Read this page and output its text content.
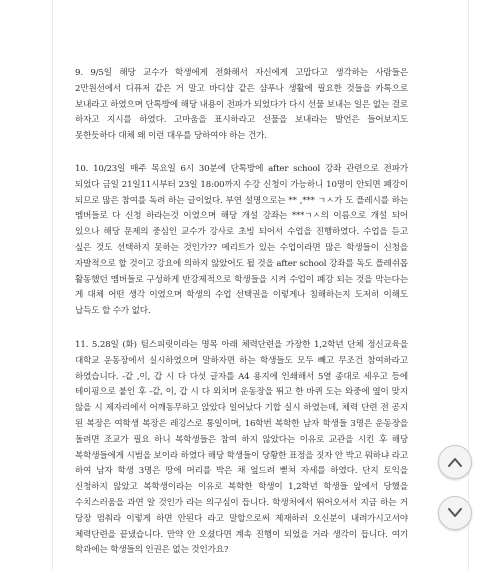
9. 9/5일 해당 교수가 학생에게 전화해서 자신에게 고맙다고 생각하는 사람들은 2만원선에서 디퓨저 같은 거 말고 바디샵 같은 샴푸나 생활에 필요한 것들을 카톡으로 보내라고 하였으며 단톡방에 해당 내용이 전파가 되었다가 다시 선물 보내는 일은 없는 걸로 하자고 지시를 하였다. 고마움을 표시하라고 선물을 보내라는 발언은 들어보지도 못한듯하다 대체 왜 이런 대우를 당하여야 하는 건가.

10. 10/23일 매주 목요일 6시 30분에 단톡방에 after school 강좌 관련으로 전파가 되었다 금일 21일11시부터 23일 18:00까지 수강 신청이 가능하니 10명이 안되면 폐강이 되므로 많은 참여를 독려 하는 글이었다. 부연 설명으로는 ** ,*** ㄱㅅ가 도 플레시를 하는 멤버들로 다 신청 하라는것 이였으며 해당 개설 강좌는 ***ㄱㅅ의 이름으로 개설 되어 있으나 해당 문제의 중심인 교수가 강사로 초빙 되어서 수업을 진행하였다. 수업을 듣고 싶은 것도 선택하지 못하는 것인가?? 메리트가 있는 수업이라면 많은 학생들이 신청을 자발적으로 할 것이고 강요에 의하지 않았어도 될 것을 after school 강좌를 독도 플레쉬몹 활동했던 멤버들로 구성하게 반강제적으로 학생들을 시켜 수업이 폐강 되는 것을 막는다는 게 대체 어떤 생각 이였으며 학생의 수업 선택권을 이렇게나 침해하는지 도저히 이해도 납득도 할 수가 없다.

11. 5.28일 (화) 팀스피릿이라는 명목 아래 체력단련을 가장한 1,2학년 단체 정신교육을 대학교 운동장에서 실시하였으며 말하자면 하는 학생들도 모두 빼고 무조건 참여하라고 하였습니다. -같 ,이, 갑 시 다 다섯 글자를 A4 용지에 인쇄해서 5열 종대로 세우고 등에 테이핑으로 붙인 후 -같, 이, 갑 시 다 외치며 운동장을 뛰고 한 바퀴 도는 와중에 옆이 맞지 않을 시 제자리에서 어깨동무하고 앉았다 일어났다 기합 실시 하였는데, 체력 단련 전 공지 된 복장은 여학생 복장은 레깅스로 통일이며, 16학번 복학한 남자 학생들 3명은 운동장을 돌려면 조교가 필요 하니 복학생들은 참여 하지 않았다는 이유로 교관을 시킨 후 해당 복학생들에게 시범을 보이라 하였다 해당 학생들이 당황한 표정을 짓자 안 박고 뭐하냐 라고 하여 남자 학생 3명은 땅에 머리를 박은 채 엎드려 뻗쳐 자세를 하였다. 단지 토익을 신청하지 않았고 복학생이라는 이유로 복학한 학생이 1,2학년 학생들 앞에서 당했을 수치스러움을 과연 알 것인가 라는 의구심이 듭니다. 학생처에서 뛰어오셔서 지금 하는 거 당장 멈춰라 이렇게 하면 안된다 라고 말할으로써 제재하러 오신분이 내려가시고서야 체력단련을 끝냈습니다. 만약 안 오셨다면 계속 진행이 되었을 거라 생각이 듭니다. 여기 학과에는 학생들의 인권은 없는 것인가요?
